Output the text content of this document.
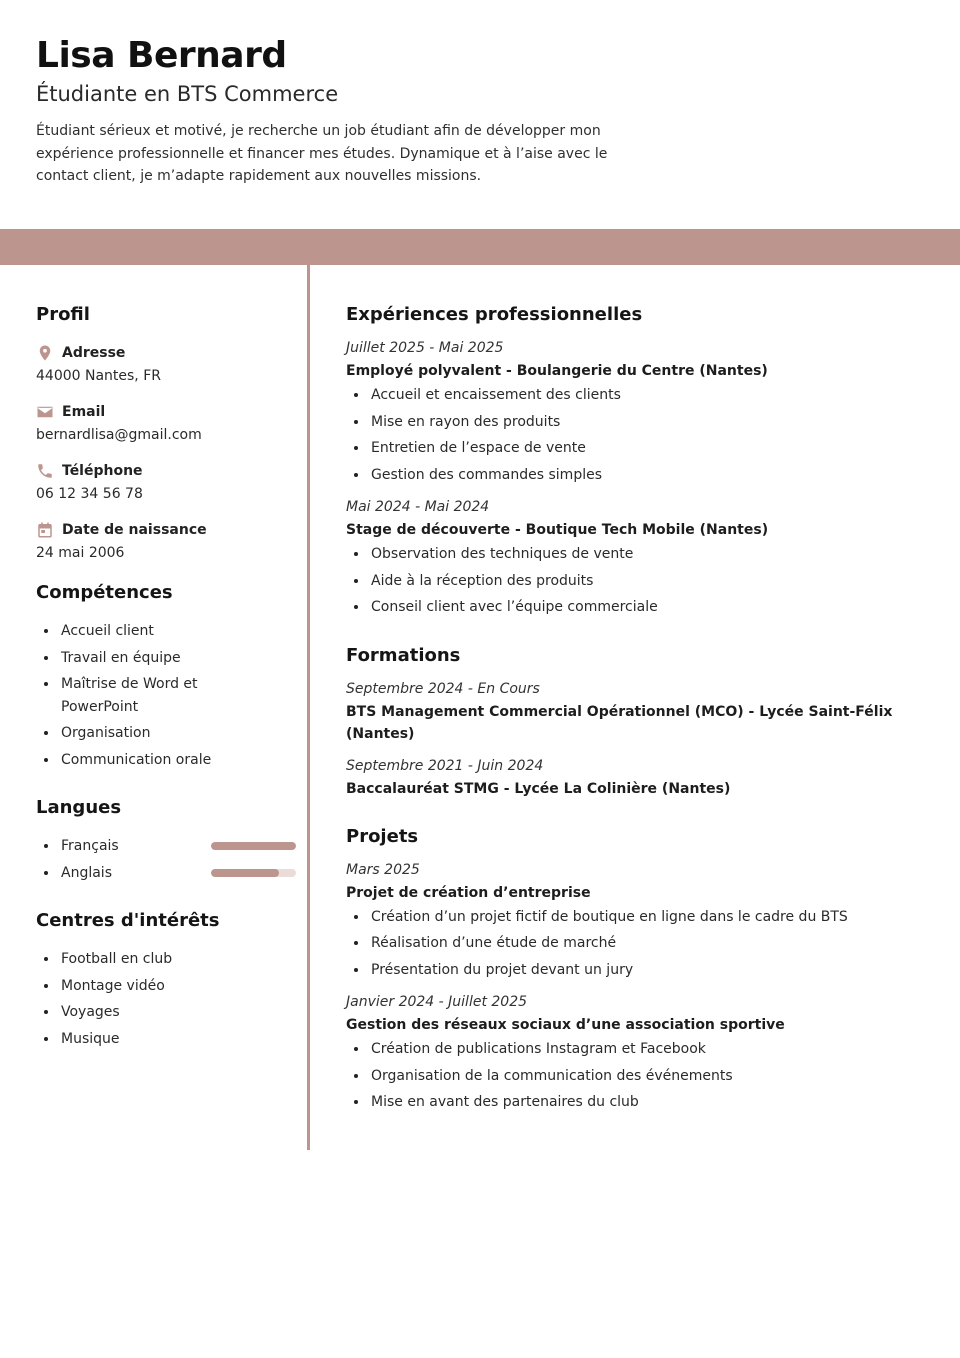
Lisa Bernard
Étudiante en BTS Commerce

Étudiant sérieux et motivé, je recherche un job étudiant afin de développer mon expérience professionnelle et financer mes études. Dynamique et à l’aise avec le contact client, je m’adapte rapidement aux nouvelles missions.

Profil
Adresse
44000 Nantes, FR
Email
bernardlisa@gmail.com
Téléphone
06 12 34 56 78
Date de naissance
24 mai 2006
Compétences
Accueil client
Travail en équipe
Maîtrise de Word et PowerPoint
Organisation
Communication orale
Langues
Français
Anglais
Centres d'intérêts
Football en club
Montage vidéo
Voyages
Musique
Expériences professionnelles
Juillet 2025 - Mai 2025
Employé polyvalent - Boulangerie du Centre (Nantes)
Accueil et encaissement des clients
Mise en rayon des produits
Entretien de l’espace de vente
Gestion des commandes simples
Mai 2024 - Mai 2024
Stage de découverte - Boutique Tech Mobile (Nantes)
Observation des techniques de vente
Aide à la réception des produits
Conseil client avec l’équipe commerciale
Formations
Septembre 2024 - En Cours
BTS Management Commercial Opérationnel (MCO) - Lycée Saint-Félix (Nantes)
Septembre 2021 - Juin 2024
Baccalauréat STMG - Lycée La Colinière (Nantes)
Projets
Mars 2025
Projet de création d’entreprise
Création d’un projet fictif de boutique en ligne dans le cadre du BTS
Réalisation d’une étude de marché
Présentation du projet devant un jury
Janvier 2024 - Juillet 2025
Gestion des réseaux sociaux d’une association sportive
Création de publications Instagram et Facebook
Organisation de la communication des événements
Mise en avant des partenaires du club
